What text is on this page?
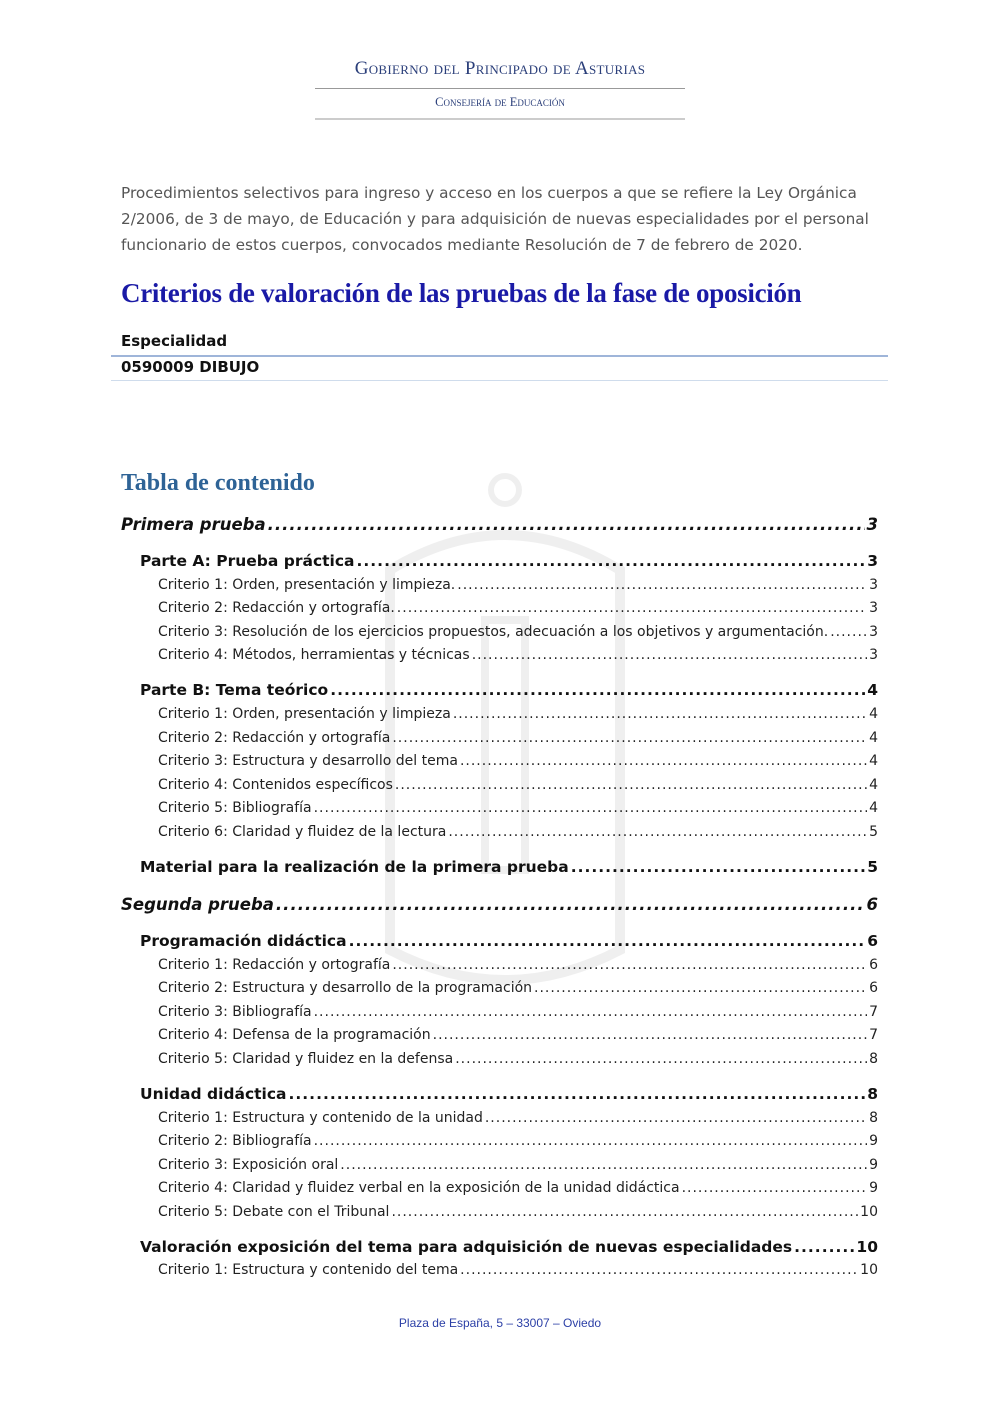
Gobierno del Principado de Asturias
Consejería de Educación
Procedimientos selectivos para ingreso y acceso en los cuerpos a que se refiere la Ley Orgánica 2/2006, de 3 de mayo, de Educación y para adquisición de nuevas especialidades por el personal funcionario de estos cuerpos, convocados mediante Resolución de 7 de febrero de 2020.
Criterios de valoración de las pruebas de la fase de oposición
Especialidad
0590009 DIBUJO
Tabla de contenido
Primera prueba .....	3
Parte A: Prueba práctica .....	3
Criterio 1: Orden, presentación y limpieza. .....	3
Criterio 2: Redacción y ortografía. .....	3
Criterio 3: Resolución de los ejercicios propuestos, adecuación a los objetivos y argumentación. .....	3
Criterio 4: Métodos, herramientas y técnicas .....	3
Parte B: Tema teórico .....	4
Criterio 1: Orden, presentación y limpieza .....	4
Criterio 2: Redacción y ortografía .....	4
Criterio 3: Estructura y desarrollo del tema .....	4
Criterio 4: Contenidos específicos .....	4
Criterio 5: Bibliografía .....	4
Criterio 6: Claridad y fluidez de la lectura .....	5
Material para la realización de la primera prueba .....	5
Segunda prueba .....	6
Programación didáctica .....	6
Criterio 1: Redacción y ortografía .....	6
Criterio 2: Estructura y desarrollo de la programación .....	6
Criterio 3: Bibliografía .....	7
Criterio 4: Defensa de la programación .....	7
Criterio 5: Claridad y fluidez en la defensa .....	8
Unidad didáctica .....	8
Criterio 1: Estructura y contenido de la unidad .....	8
Criterio 2: Bibliografía .....	9
Criterio 3: Exposición oral .....	9
Criterio 4: Claridad y fluidez verbal en la exposición de la unidad didáctica .....	9
Criterio 5: Debate con el Tribunal .....	10
Valoración exposición del tema para adquisición de nuevas especialidades .....	10
Criterio 1: Estructura y contenido del tema .....	10
Plaza de España, 5 – 33007 – Oviedo
